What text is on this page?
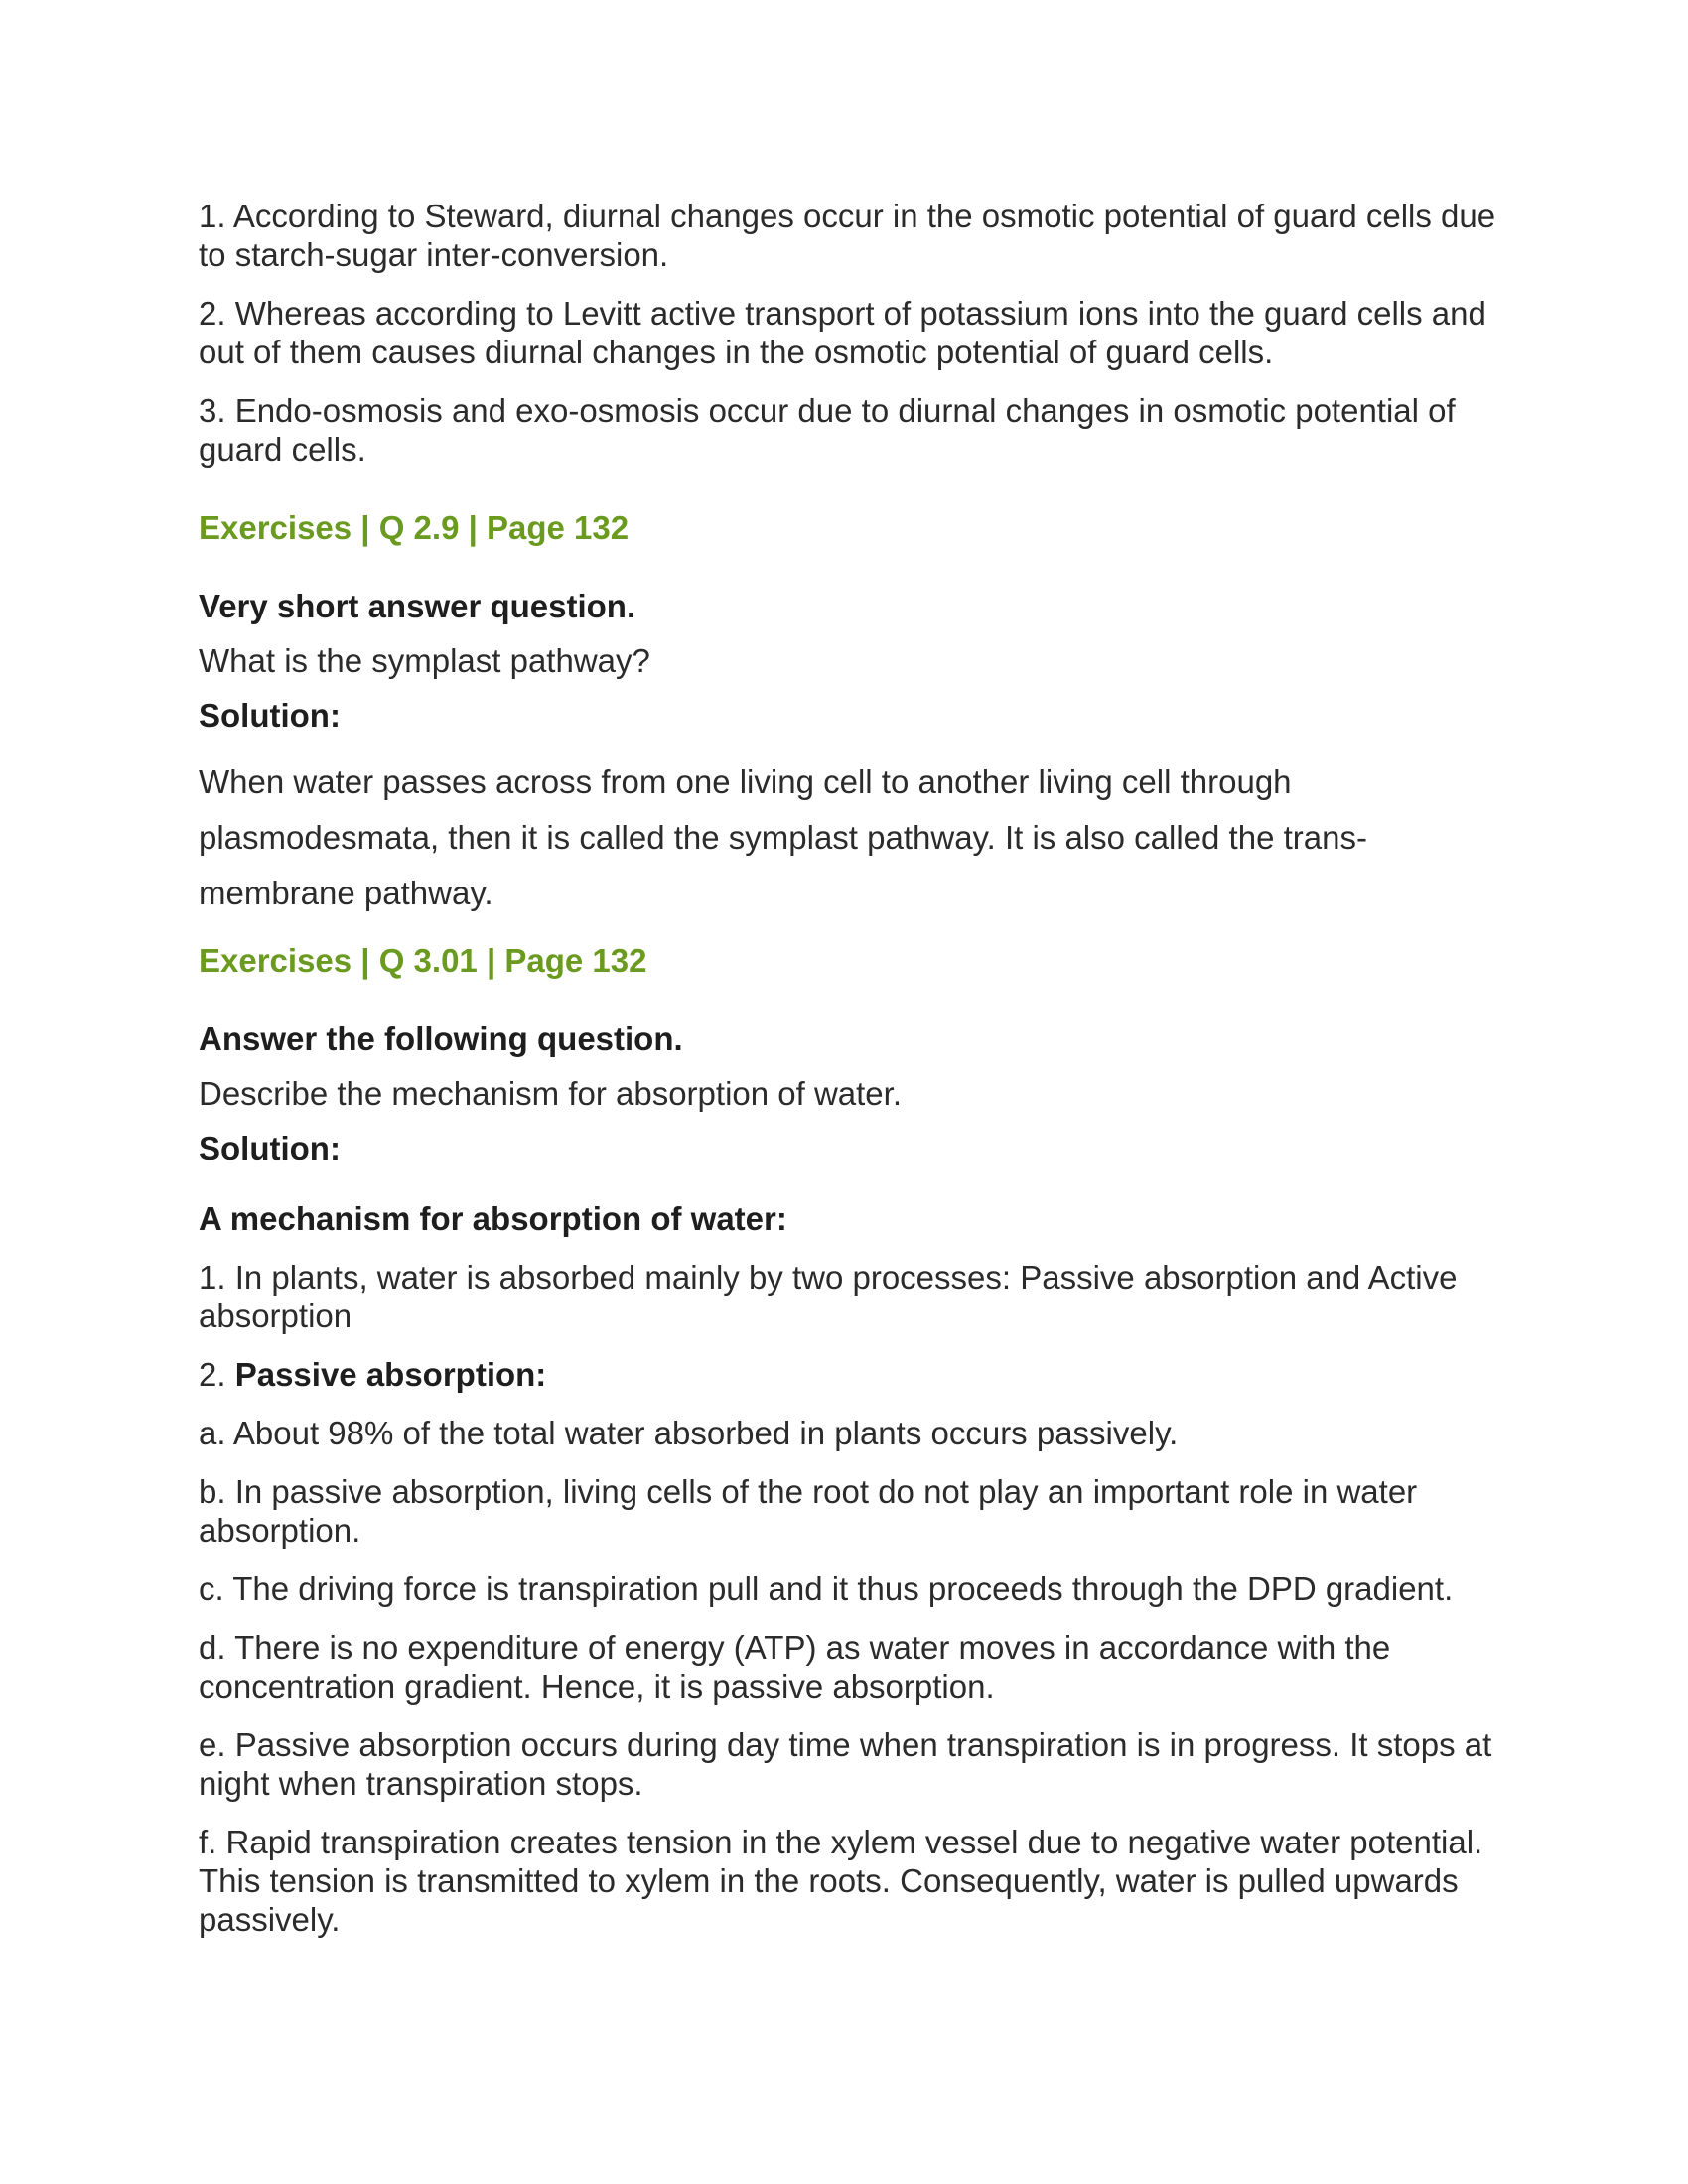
1. According to Steward, diurnal changes occur in the osmotic potential of guard cells due to starch-sugar inter-conversion.

2. Whereas according to Levitt active transport of potassium ions into the guard cells and out of them causes diurnal changes in the osmotic potential of guard cells.

3. Endo-osmosis and exo-osmosis occur due to diurnal changes in osmotic potential of guard cells.

Exercises | Q 2.9 | Page 132

Very short answer question.

What is the symplast pathway?

Solution:

When water passes across from one living cell to another living cell through plasmodesmata, then it is called the symplast pathway. It is also called the trans-membrane pathway.

Exercises | Q 3.01 | Page 132

Answer the following question.

Describe the mechanism for absorption of water.

Solution:

A mechanism for absorption of water:

1. In plants, water is absorbed mainly by two processes: Passive absorption and Active absorption

2. Passive absorption:

a. About 98% of the total water absorbed in plants occurs passively.

b. In passive absorption, living cells of the root do not play an important role in water absorption.

c. The driving force is transpiration pull and it thus proceeds through the DPD gradient.

d. There is no expenditure of energy (ATP) as water moves in accordance with the concentration gradient. Hence, it is passive absorption.

e. Passive absorption occurs during day time when transpiration is in progress. It stops at night when transpiration stops.

f. Rapid transpiration creates tension in the xylem vessel due to negative water potential. This tension is transmitted to xylem in the roots. Consequently, water is pulled upwards passively.
